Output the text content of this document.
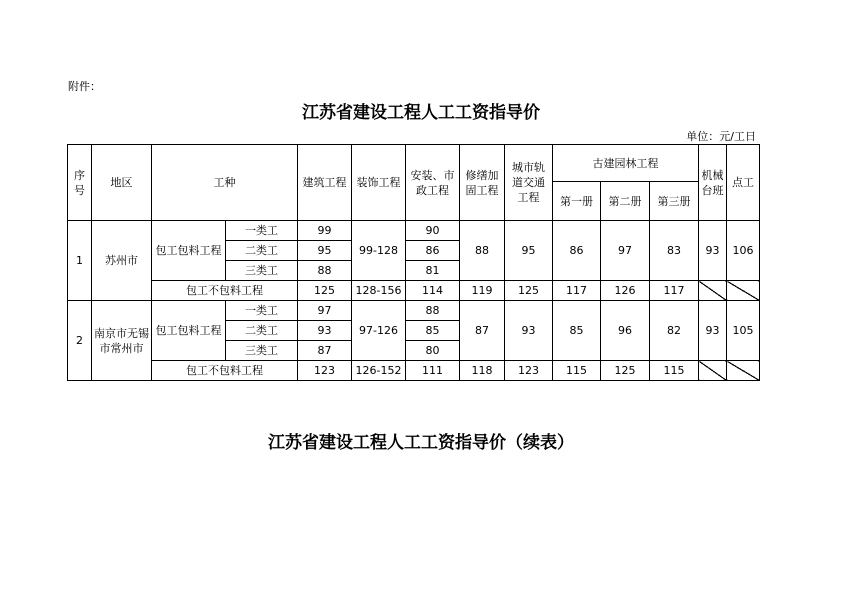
附件：
江苏省建设工程人工工资指导价
单位：元/工日
序号	地区	工种		建筑工程	装饰工程	安装、市政工程	修缮加固工程	城市轨道交通工程	古建园林工程			机械台班	点工
									第一册	第二册	第三册		
1	苏州市	包工包料工程	一类工	99	99-128	90	88	95	86	97	83	93	106
			二类工	95		86							
			三类工	88		81							
		包工不包料工程		125	128-156	114	119	125	117	126	117		
2	南京市无锡市常州市	包工包料工程	一类工	97	97-126	88	87	93	85	96	82	93	105
			二类工	93		85							
			三类工	87		80							
		包工不包料工程		123	126-152	111	118	123	115	125	115		
江苏省建设工程人工工资指导价（续表）
